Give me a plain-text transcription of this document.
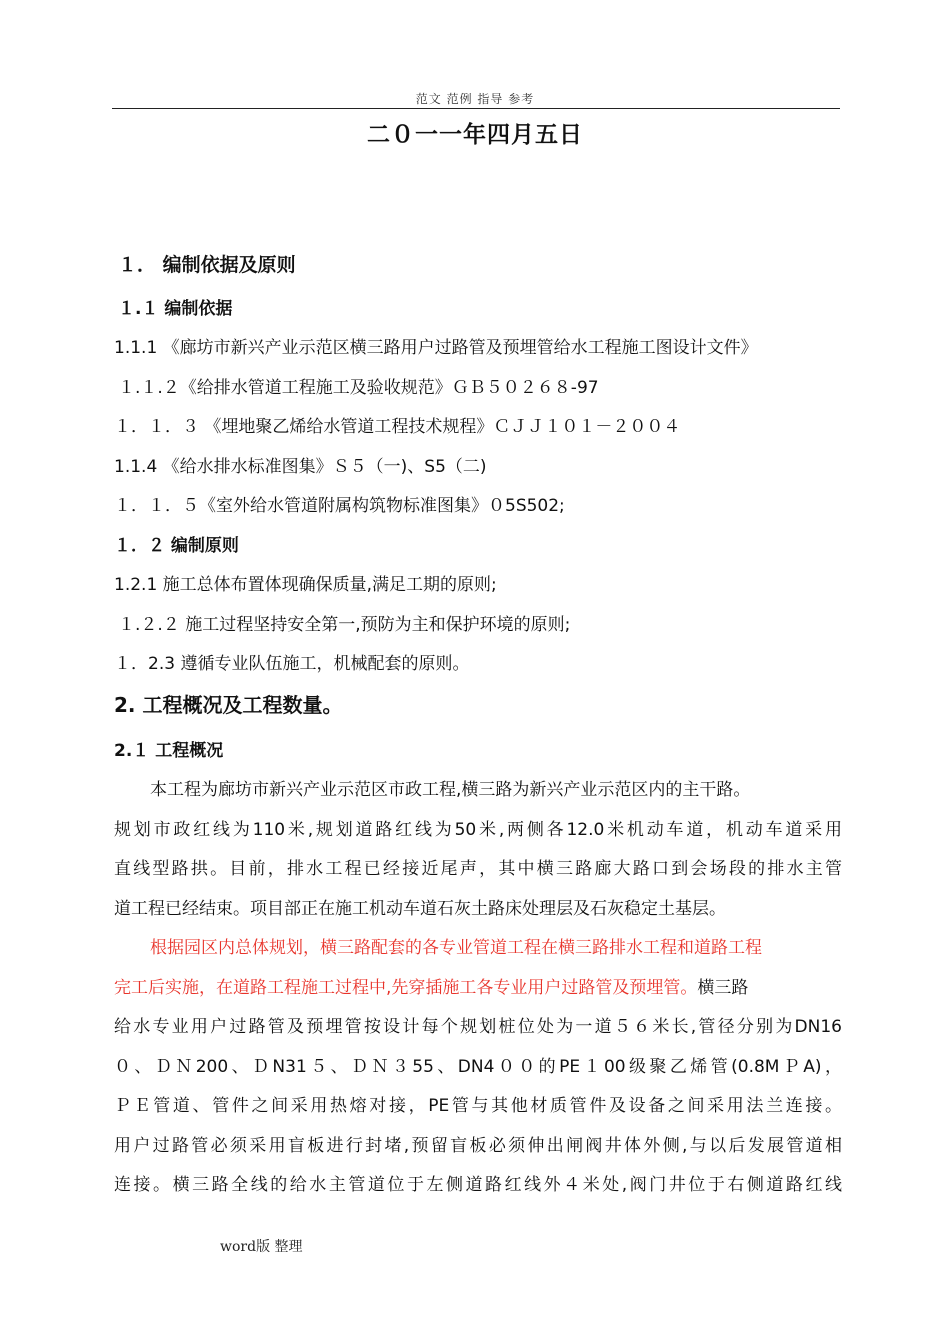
范文 范例 指导 参考
二０一一年四月五日
１． 编制依据及原则
１.１ 编制依据
1.1.1 《廊坊市新兴产业示范区横三路用户过路管及预埋管给水工程施工图设计文件》
１.１.２《给排水管道工程施工及验收规范》ＧＢ５０２６８-97
１．１．３ 《埋地聚乙烯给水管道工程技术规程》ＣＪＪ１０１－２００４
1.1.4 《给水排水标准图集》Ｓ５（一)、S5（二)
１．１．５《室外给水管道附属构筑物标准图集》０5S502;
１．２ 编制原则
1.2.1 施工总体布置体现确保质量,满足工期的原则;
１.２.２ 施工过程坚持安全第一,预防为主和保护环境的原则;
１．2.3 遵循专业队伍施工，机械配套的原则。
2. 工程概况及工程数量。
2.１ 工程概况
本工程为廊坊市新兴产业示范区市政工程,横三路为新兴产业示范区内的主干路。
规划市政红线为110米,规划道路红线为50米,两侧各12.0米机动车道，机动车道采用
直线型路拱。目前，排水工程已经接近尾声，其中横三路廊大路口到会场段的排水主管
道工程已经结束。项目部正在施工机动车道石灰土路床处理层及石灰稳定土基层。
根据园区内总体规划，横三路配套的各专业管道工程在横三路排水工程和道路工程
完工后实施，在道路工程施工过程中,先穿插施工各专业用户过路管及预埋管。横三路
给水专业用户过路管及预埋管按设计每个规划桩位处为一道５６米长,管径分别为DN16
０、ＤＮ200、ＤN31５、ＤＮ３55、DN4００的PE１00级聚乙烯管(0.8MＰA)，
ＰＥ管道、管件之间采用热熔对接，PE管与其他材质管件及设备之间采用法兰连接。
用户过路管必须采用盲板进行封堵,预留盲板必须伸出闸阀井体外侧,与以后发展管道相
连接。横三路全线的给水主管道位于左侧道路红线外４米处,阀门井位于右侧道路红线
word版 整理
